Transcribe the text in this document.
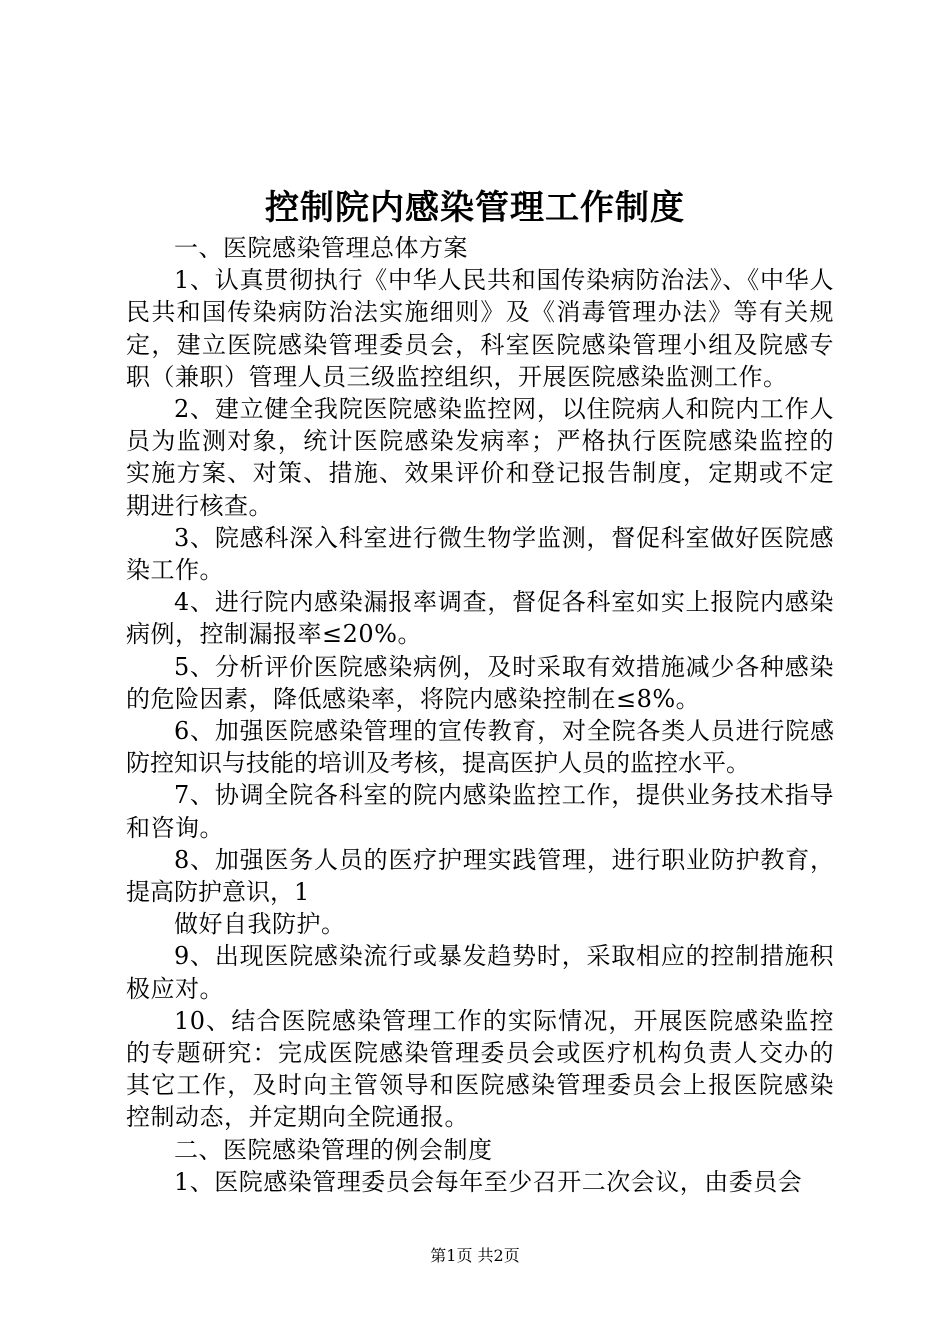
控制院内感染管理工作制度

一、医院感染管理总体方案

1、认真贯彻执行《中华人民共和国传染病防治法》、《中华人民共和国传染病防治法实施细则》及《消毒管理办法》等有关规定，建立医院感染管理委员会，科室医院感染管理小组及院感专职（兼职）管理人员三级监控组织，开展医院感染监测工作。

2、建立健全我院医院感染监控网，以住院病人和院内工作人员为监测对象，统计医院感染发病率；严格执行医院感染监控的实施方案、对策、措施、效果评价和登记报告制度，定期或不定期进行核查。

3、院感科深入科室进行微生物学监测，督促科室做好医院感染工作。

4、进行院内感染漏报率调查，督促各科室如实上报院内感染病例，控制漏报率≤20%。

5、分析评价医院感染病例，及时采取有效措施减少各种感染的危险因素，降低感染率，将院内感染控制在≤8%。

6、加强医院感染管理的宣传教育，对全院各类人员进行院感防控知识与技能的培训及考核，提高医护人员的监控水平。

7、协调全院各科室的院内感染监控工作，提供业务技术指导和咨询。

8、加强医务人员的医疗护理实践管理，进行职业防护教育，提高防护意识，1

做好自我防护。

9、出现医院感染流行或暴发趋势时，采取相应的控制措施积极应对。

10、结合医院感染管理工作的实际情况，开展医院感染监控的专题研究：完成医院感染管理委员会或医疗机构负责人交办的其它工作，及时向主管领导和医院感染管理委员会上报医院感染控制动态，并定期向全院通报。

二、医院感染管理的例会制度

1、医院感染管理委员会每年至少召开二次会议，由委员会

第1页 共2页
